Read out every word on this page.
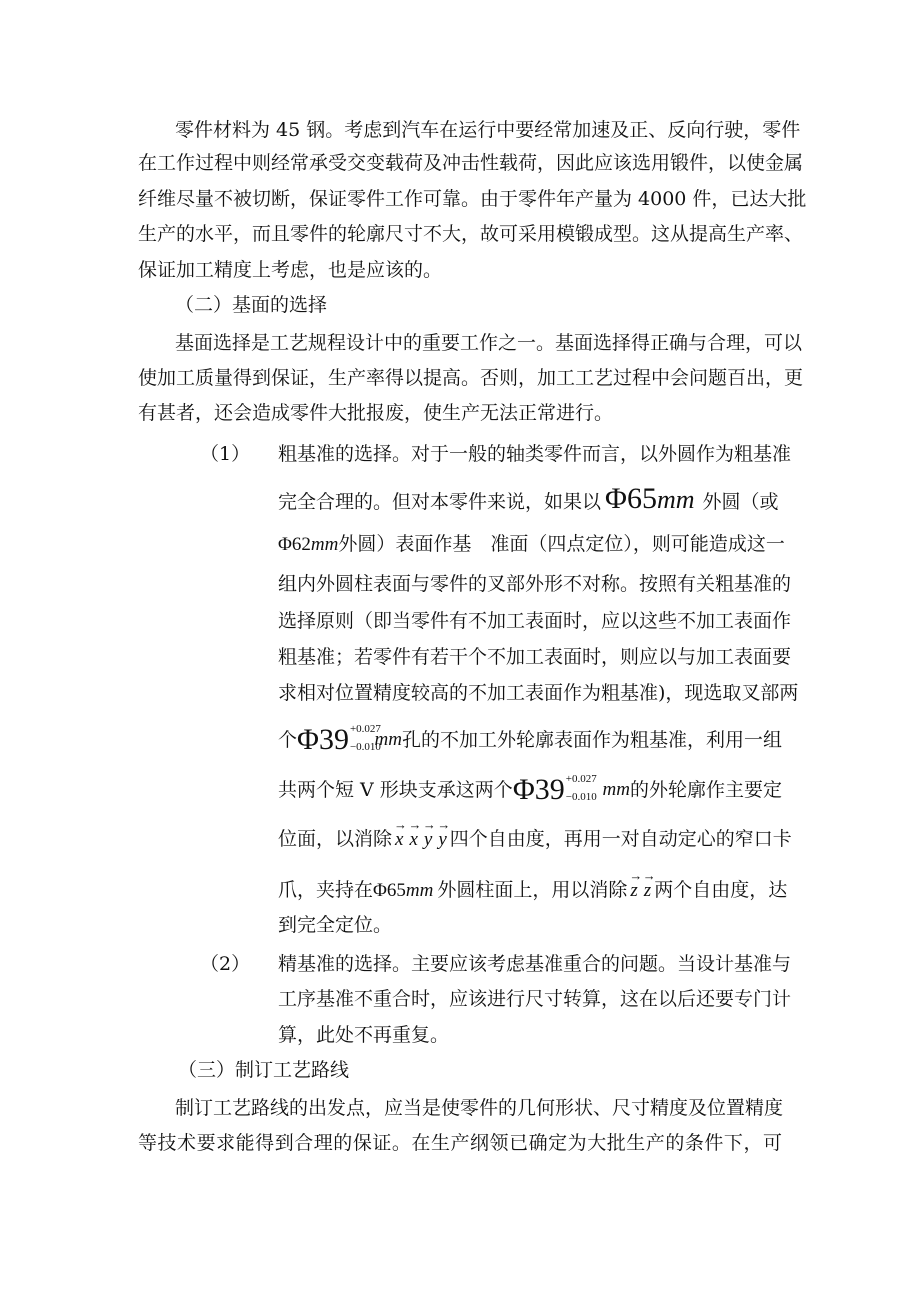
零件材料为 45 钢。考虑到汽车在运行中要经常加速及正、反向行驶，零件
在工作过程中则经常承受交变载荷及冲击性载荷，因此应该选用锻件，以使金属
纤维尽量不被切断，保证零件工作可靠。由于零件年产量为 4000 件，已达大批
生产的水平，而且零件的轮廓尺寸不大，故可采用模锻成型。这从提高生产率、
保证加工精度上考虑，也是应该的。
（二）基面的选择
基面选择是工艺规程设计中的重要工作之一。基面选择得正确与合理，可以
使加工质量得到保证，生产率得以提高。否则，加工工艺过程中会问题百出，更
有甚者，还会造成零件大批报废，使生产无法正常进行。
（1） 粗基准的选择。对于一般的轴类零件而言，以外圆作为粗基准
完全合理的。但对本零件来说，如果以 Φ65 mm 外圆（或
Φ62 mm 外圆）表面作基　准面（四点定位），则可能造成这一
组内外圆柱表面与零件的叉部外形不对称。按照有关粗基准的
选择原则（即当零件有不加工表面时，应以这些不加工表面作
粗基准；若零件有若干个不加工表面时，则应以与加工表面要
求相对位置精度较高的不加工表面作为粗基准)，现选取叉部两
个 Φ39 +0.027
−0.010
mm 孔的不加工外轮廓表面作为粗基准，利用一组
共两个短 V 形块支承这两个 Φ39 +0.027
−0.010 mm 的外轮廓作主要定
位面，以消除
→
x
→
x
→
y
→
y 四个自由度，再用一对自动定心的窄口卡
爪，夹持在 Φ65 mm 外圆柱面上，用以消除
→
z
→
z 两个自由度，达
到完全定位。
（2） 精基准的选择。主要应该考虑基准重合的问题。当设计基准与
工序基准不重合时，应该进行尺寸转算，这在以后还要专门计
算，此处不再重复。
（三）制订工艺路线
制订工艺路线的出发点，应当是使零件的几何形状、尺寸精度及位置精度
等技术要求能得到合理的保证。在生产纲领已确定为大批生产的条件下，可
